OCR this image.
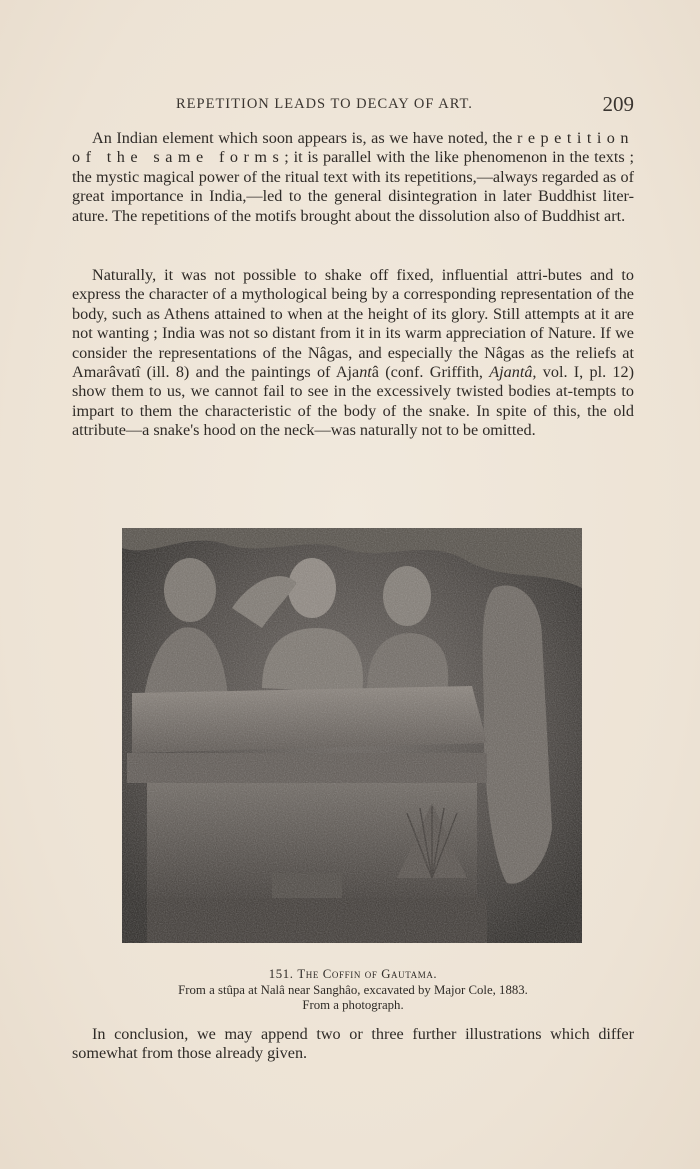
REPETITION LEADS TO DECAY OF ART.	209

An Indian element which soon appears is, as we have noted, the repetition of the same forms; it is parallel with the like phenomenon in the texts ; the mystic magical power of the ritual text with its repetitions,—always regarded as of great importance in India,—led to the general disintegration in later Buddhist liter-ature. The repetitions of the motifs brought about the dissolution also of Buddhist art.

Naturally, it was not possible to shake off fixed, influential attri-butes and to express the character of a mythological being by a corresponding representation of the body, such as Athens attained to when at the height of its glory. Still attempts at it are not wanting ; India was not so distant from it in its warm appreciation of Nature. If we consider the representations of the Nâgas, and especially the Nâgas as the reliefs at Amarâvatî (ill. 8) and the paintings of Ajantâ (conf. Griffith, Ajantâ, vol. I, pl. 12) show them to us, we cannot fail to see in the excessively twisted bodies at-tempts to impart to them the characteristic of the body of the snake. In spite of this, the old attribute—a snake's hood on the neck—was naturally not to be omitted.

151. The Coffin of Gautama.
From a stûpa at Nalâ near Sanghâo, excavated by Major Cole, 1883.
From a photograph.

In conclusion, we may append two or three further illustrations which differ somewhat from those already given.
